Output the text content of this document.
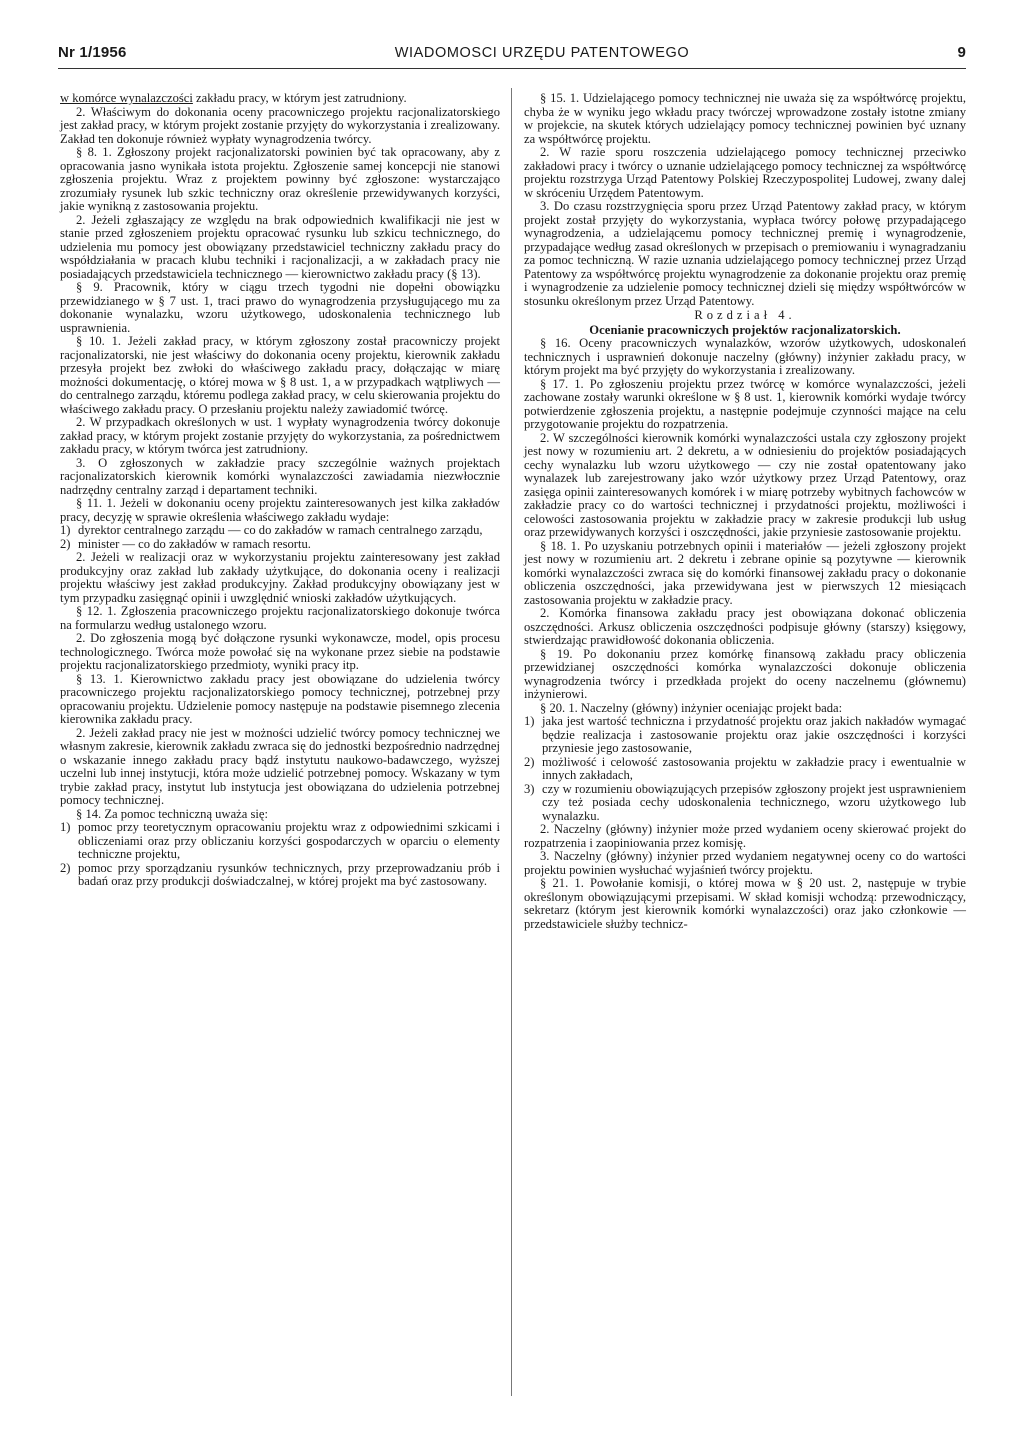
Nr 1/1956	WIADOMOSCI URZĘDU PATENTOWEGO	9

w komórce wynalazczości zakładu pracy, w którym jest zatrudniony.

2. Właściwym do dokonania oceny pracowniczego projektu racjonalizatorskiego jest zakład pracy, w którym projekt zostanie przyjęty do wykorzystania i zrealizowany. Zakład ten dokonuje również wypłaty wynagrodzenia twórcy.

§ 8. 1. Zgłoszony projekt racjonalizatorski powinien być tak opracowany, aby z opracowania jasno wynikała istota projektu. Zgłoszenie samej koncepcji nie stanowi zgłoszenia projektu. Wraz z projektem powinny być zgłoszone: wystarczająco zrozumiały rysunek lub szkic techniczny oraz określenie przewidywanych korzyści, jakie wynikną z zastosowania projektu.

2. Jeżeli zgłaszający ze względu na brak odpowiednich kwalifikacji nie jest w stanie przed zgłoszeniem projektu opracować rysunku lub szkicu technicznego, do udzielenia mu pomocy jest obowiązany przedstawiciel techniczny zakładu pracy do współdziałania w pracach klubu techniki i racjonalizacji, a w zakładach pracy nie posiadających przedstawiciela technicznego — kierownictwo zakładu pracy (§ 13).

§ 9. Pracownik, który w ciągu trzech tygodni nie dopełni obowiązku przewidzianego w § 7 ust. 1, traci prawo do wynagrodzenia przysługującego mu za dokonanie wynalazku, wzoru użytkowego, udoskonalenia technicznego lub usprawnienia.

§ 10. 1. Jeżeli zakład pracy, w którym zgłoszony został pracowniczy projekt racjonalizatorski, nie jest właściwy do dokonania oceny projektu, kierownik zakładu przesyła projekt bez zwłoki do właściwego zakładu pracy, dołączając w miarę możności dokumentację, o której mowa w § 8 ust. 1, a w przypadkach wątpliwych — do centralnego zarządu, któremu podlega zakład pracy, w celu skierowania projektu do właściwego zakładu pracy. O przesłaniu projektu należy zawiadomić twórcę.

2. W przypadkach określonych w ust. 1 wypłaty wynagrodzenia twórcy dokonuje zakład pracy, w którym projekt zostanie przyjęty do wykorzystania, za pośrednictwem zakładu pracy, w którym twórca jest zatrudniony.

3. O zgłoszonych w zakładzie pracy szczególnie ważnych projektach racjonalizatorskich kierownik komórki wynalazczości zawiadamia niezwłocznie nadrzędny centralny zarząd i departament techniki.

§ 11. 1. Jeżeli w dokonaniu oceny projektu zainteresowanych jest kilka zakładów pracy, decyzję w sprawie określenia właściwego zakładu wydaje:

1) dyrektor centralnego zarządu — co do zakładów w ramach centralnego zarządu,
2) minister — co do zakładów w ramach resortu.

2. Jeżeli w realizacji oraz w wykorzystaniu projektu zainteresowany jest zakład produkcyjny oraz zakład lub zakłady użytkujące, do dokonania oceny i realizacji projektu właściwy jest zakład produkcyjny. Zakład produkcyjny obowiązany jest w tym przypadku zasięgnąć opinii i uwzględnić wnioski zakładów użytkujących.

§ 12. 1. Zgłoszenia pracowniczego projektu racjonalizatorskiego dokonuje twórca na formularzu według ustalonego wzoru.

2. Do zgłoszenia mogą być dołączone rysunki wykonawcze, model, opis procesu technologicznego. Twórca może powołać się na wykonane przez siebie na podstawie projektu racjonalizatorskiego przedmioty, wyniki pracy itp.

§ 13. 1. Kierownictwo zakładu pracy jest obowiązane do udzielenia twórcy pracowniczego projektu racjonalizatorskiego pomocy technicznej, potrzebnej przy opracowaniu projektu. Udzielenie pomocy następuje na podstawie pisemnego zlecenia kierownika zakładu pracy.

2. Jeżeli zakład pracy nie jest w możności udzielić twórcy pomocy technicznej we własnym zakresie, kierownik zakładu zwraca się do jednostki bezpośrednio nadrzędnej o wskazanie innego zakładu pracy bądź instytutu naukowo-badawczego, wyższej uczelni lub innej instytucji, która może udzielić potrzebnej pomocy. Wskazany w tym trybie zakład pracy, instytut lub instytucja jest obowiązana do udzielenia potrzebnej pomocy technicznej.

§ 14. Za pomoc techniczną uważa się:

1) pomoc przy teoretycznym opracowaniu projektu wraz z odpowiednimi szkicami i obliczeniami oraz przy obliczaniu korzyści gospodarczych w oparciu o elementy techniczne projektu,
2) pomoc przy sporządzaniu rysunków technicznych, przy przeprowadzaniu prób i badań oraz przy produkcji doświadczalnej, w której projekt ma być zastosowany.

§ 15. 1. Udzielającego pomocy technicznej nie uważa się za współtwórcę projektu, chyba że w wyniku jego wkładu pracy twórczej wprowadzone zostały istotne zmiany w projekcie, na skutek których udzielający pomocy technicznej powinien być uznany za współtwórcę projektu.

2. W razie sporu roszczenia udzielającego pomocy technicznej przeciwko zakładowi pracy i twórcy o uznanie udzielającego pomocy technicznej za współtwórcę projektu rozstrzyga Urząd Patentowy Polskiej Rzeczypospolitej Ludowej, zwany dalej w skróceniu Urzędem Patentowym.

3. Do czasu rozstrzygnięcia sporu przez Urząd Patentowy zakład pracy, w którym projekt został przyjęty do wykorzystania, wypłaca twórcy połowę przypadającego wynagrodzenia, a udzielającemu pomocy technicznej premię i wynagrodzenie, przypadające według zasad określonych w przepisach o premiowaniu i wynagradzaniu za pomoc techniczną. W razie uznania udzielającego pomocy technicznej przez Urząd Patentowy za współtwórcę projektu wynagrodzenie za dokonanie projektu oraz premię i wynagrodzenie za udzielenie pomocy technicznej dzieli się między współtwórców w stosunku określonym przez Urząd Patentowy.

Rozdział 4.

Ocenianie pracowniczych projektów racjonalizatorskich.

§ 16. Oceny pracowniczych wynalazków, wzorów użytkowych, udoskonaleń technicznych i usprawnień dokonuje naczelny (główny) inżynier zakładu pracy, w którym projekt ma być przyjęty do wykorzystania i zrealizowany.

§ 17. 1. Po zgłoszeniu projektu przez twórcę w komórce wynalazczości, jeżeli zachowane zostały warunki określone w § 8 ust. 1, kierownik komórki wydaje twórcy potwierdzenie zgłoszenia projektu, a następnie podejmuje czynności mające na celu przygotowanie projektu do rozpatrzenia.

2. W szczególności kierownik komórki wynalazczości ustala czy zgłoszony projekt jest nowy w rozumieniu art. 2 dekretu, a w odniesieniu do projektów posiadających cechy wynalazku lub wzoru użytkowego — czy nie został opatentowany jako wynalazek lub zarejestrowany jako wzór użytkowy przez Urząd Patentowy, oraz zasięga opinii zainteresowanych komórek i w miarę potrzeby wybitnych fachowców w zakładzie pracy co do wartości technicznej i przydatności projektu, możliwości i celowości zastosowania projektu w zakładzie pracy w zakresie produkcji lub usług oraz przewidywanych korzyści i oszczędności, jakie przyniesie zastosowanie projektu.

§ 18. 1. Po uzyskaniu potrzebnych opinii i materiałów — jeżeli zgłoszony projekt jest nowy w rozumieniu art. 2 dekretu i zebrane opinie są pozytywne — kierownik komórki wynalazczości zwraca się do komórki finansowej zakładu pracy o dokonanie obliczenia oszczędności, jaka przewidywana jest w pierwszych 12 miesiącach zastosowania projektu w zakładzie pracy.

2. Komórka finansowa zakładu pracy jest obowiązana dokonać obliczenia oszczędności. Arkusz obliczenia oszczędności podpisuje główny (starszy) księgowy, stwierdzając prawidłowość dokonania obliczenia.

§ 19. Po dokonaniu przez komórkę finansową zakładu pracy obliczenia przewidzianej oszczędności komórka wynalazczości dokonuje obliczenia wynagrodzenia twórcy i przedkłada projekt do oceny naczelnemu (głównemu) inżynierowi.

§ 20. 1. Naczelny (główny) inżynier oceniając projekt bada:

1) jaka jest wartość techniczna i przydatność projektu oraz jakich nakładów wymagać będzie realizacja i zastosowanie projektu oraz jakie oszczędności i korzyści przyniesie jego zastosowanie,
2) możliwość i celowość zastosowania projektu w zakładzie pracy i ewentualnie w innych zakładach,
3) czy w rozumieniu obowiązujących przepisów zgłoszony projekt jest usprawnieniem czy też posiada cechy udoskonalenia technicznego, wzoru użytkowego lub wynalazku.

2. Naczelny (główny) inżynier może przed wydaniem oceny skierować projekt do rozpatrzenia i zaopiniowania przez komisję.

3. Naczelny (główny) inżynier przed wydaniem negatywnej oceny co do wartości projektu powinien wysłuchać wyjaśnień twórcy projektu.

§ 21. 1. Powołanie komisji, o której mowa w § 20 ust. 2, następuje w trybie określonym obowiązującymi przepisami. W skład komisji wchodzą: przewodniczący, sekretarz (którym jest kierownik komórki wynalazczości) oraz jako członkowie — przedstawiciele służby technicz-
